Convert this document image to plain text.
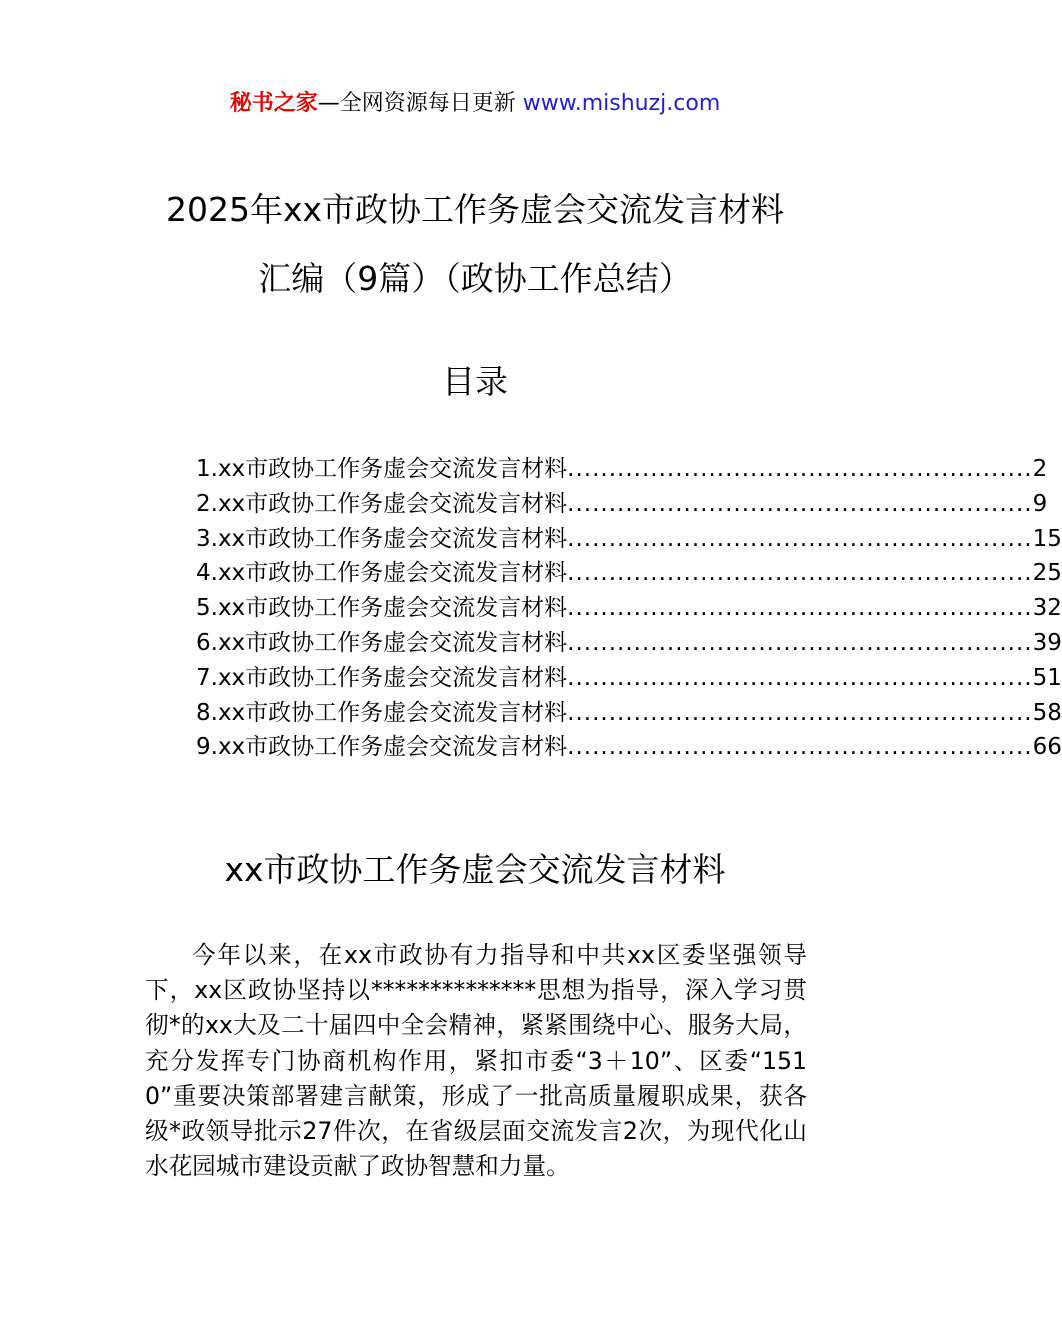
秘书之家—全网资源每日更新 www.mishuzj.com
2025年xx市政协工作务虚会交流发言材料
汇编（9篇）（政协工作总结）
目录
1.xx市政协工作务虚会交流发言材料 ........................................................ 2
2.xx市政协工作务虚会交流发言材料 ........................................................ 9
3.xx市政协工作务虚会交流发言材料 ........................................................ 15
4.xx市政协工作务虚会交流发言材料 ........................................................ 25
5.xx市政协工作务虚会交流发言材料 ........................................................ 32
6.xx市政协工作务虚会交流发言材料 ........................................................ 39
7.xx市政协工作务虚会交流发言材料 ........................................................ 51
8.xx市政协工作务虚会交流发言材料 ........................................................ 58
9.xx市政协工作务虚会交流发言材料 ........................................................ 66
xx市政协工作务虚会交流发言材料

今年以来，在xx市政协有力指导和中共xx区委坚强领导下，xx区政协坚持以**************思想为指导，深入学习贯彻*的xx大及二十届四中全会精神，紧紧围绕中心、服务大局，充分发挥专门协商机构作用，紧扣市委“3＋10”、区委“1510”重要决策部署建言献策，形成了一批高质量履职成果，获各级*政领导批示27件次，在省级层面交流发言2次，为现代化山水花园城市建设贡献了政协智慧和力量。
